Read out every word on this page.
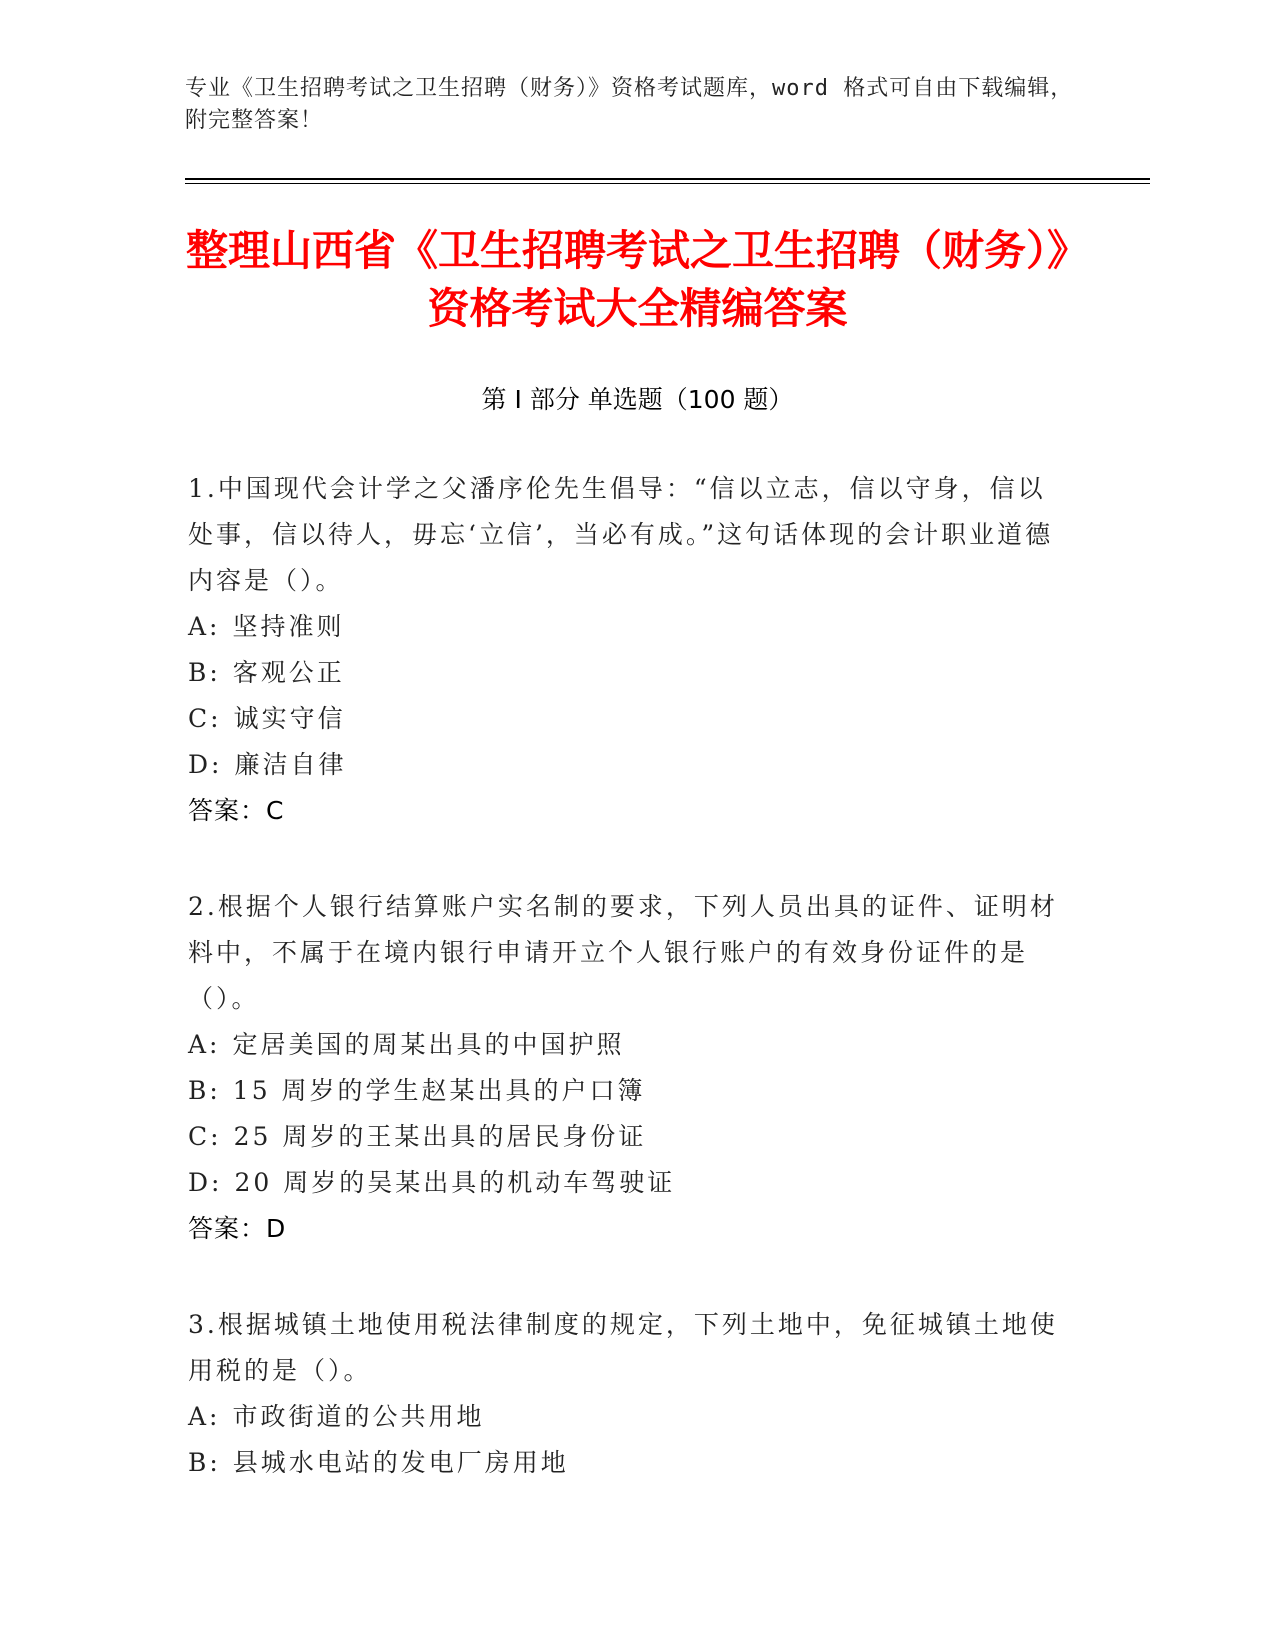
专业《卫生招聘考试之卫生招聘（财务）》资格考试题库，word 格式可自由下载编辑，附完整答案！
整理山西省《卫生招聘考试之卫生招聘（财务）》资格考试大全精编答案
第 I 部分 单选题（100 题）

1.中国现代会计学之父潘序伦先生倡导：“信以立志，信以守身，信以处事，信以待人，毋忘‘立信’，当必有成。”这句话体现的会计职业道德内容是（）。

A: 坚持准则

B: 客观公正

C: 诚实守信

D: 廉洁自律

答案：C

2.根据个人银行结算账户实名制的要求，下列人员出具的证件、证明材料中，不属于在境内银行申请开立个人银行账户的有效身份证件的是（）。

A: 定居美国的周某出具的中国护照

B: 15 周岁的学生赵某出具的户口簿

C: 25 周岁的王某出具的居民身份证

D: 20 周岁的吴某出具的机动车驾驶证

答案：D

3.根据城镇土地使用税法律制度的规定，下列土地中，免征城镇土地使用税的是（）。

A: 市政街道的公共用地

B: 县城水电站的发电厂房用地
